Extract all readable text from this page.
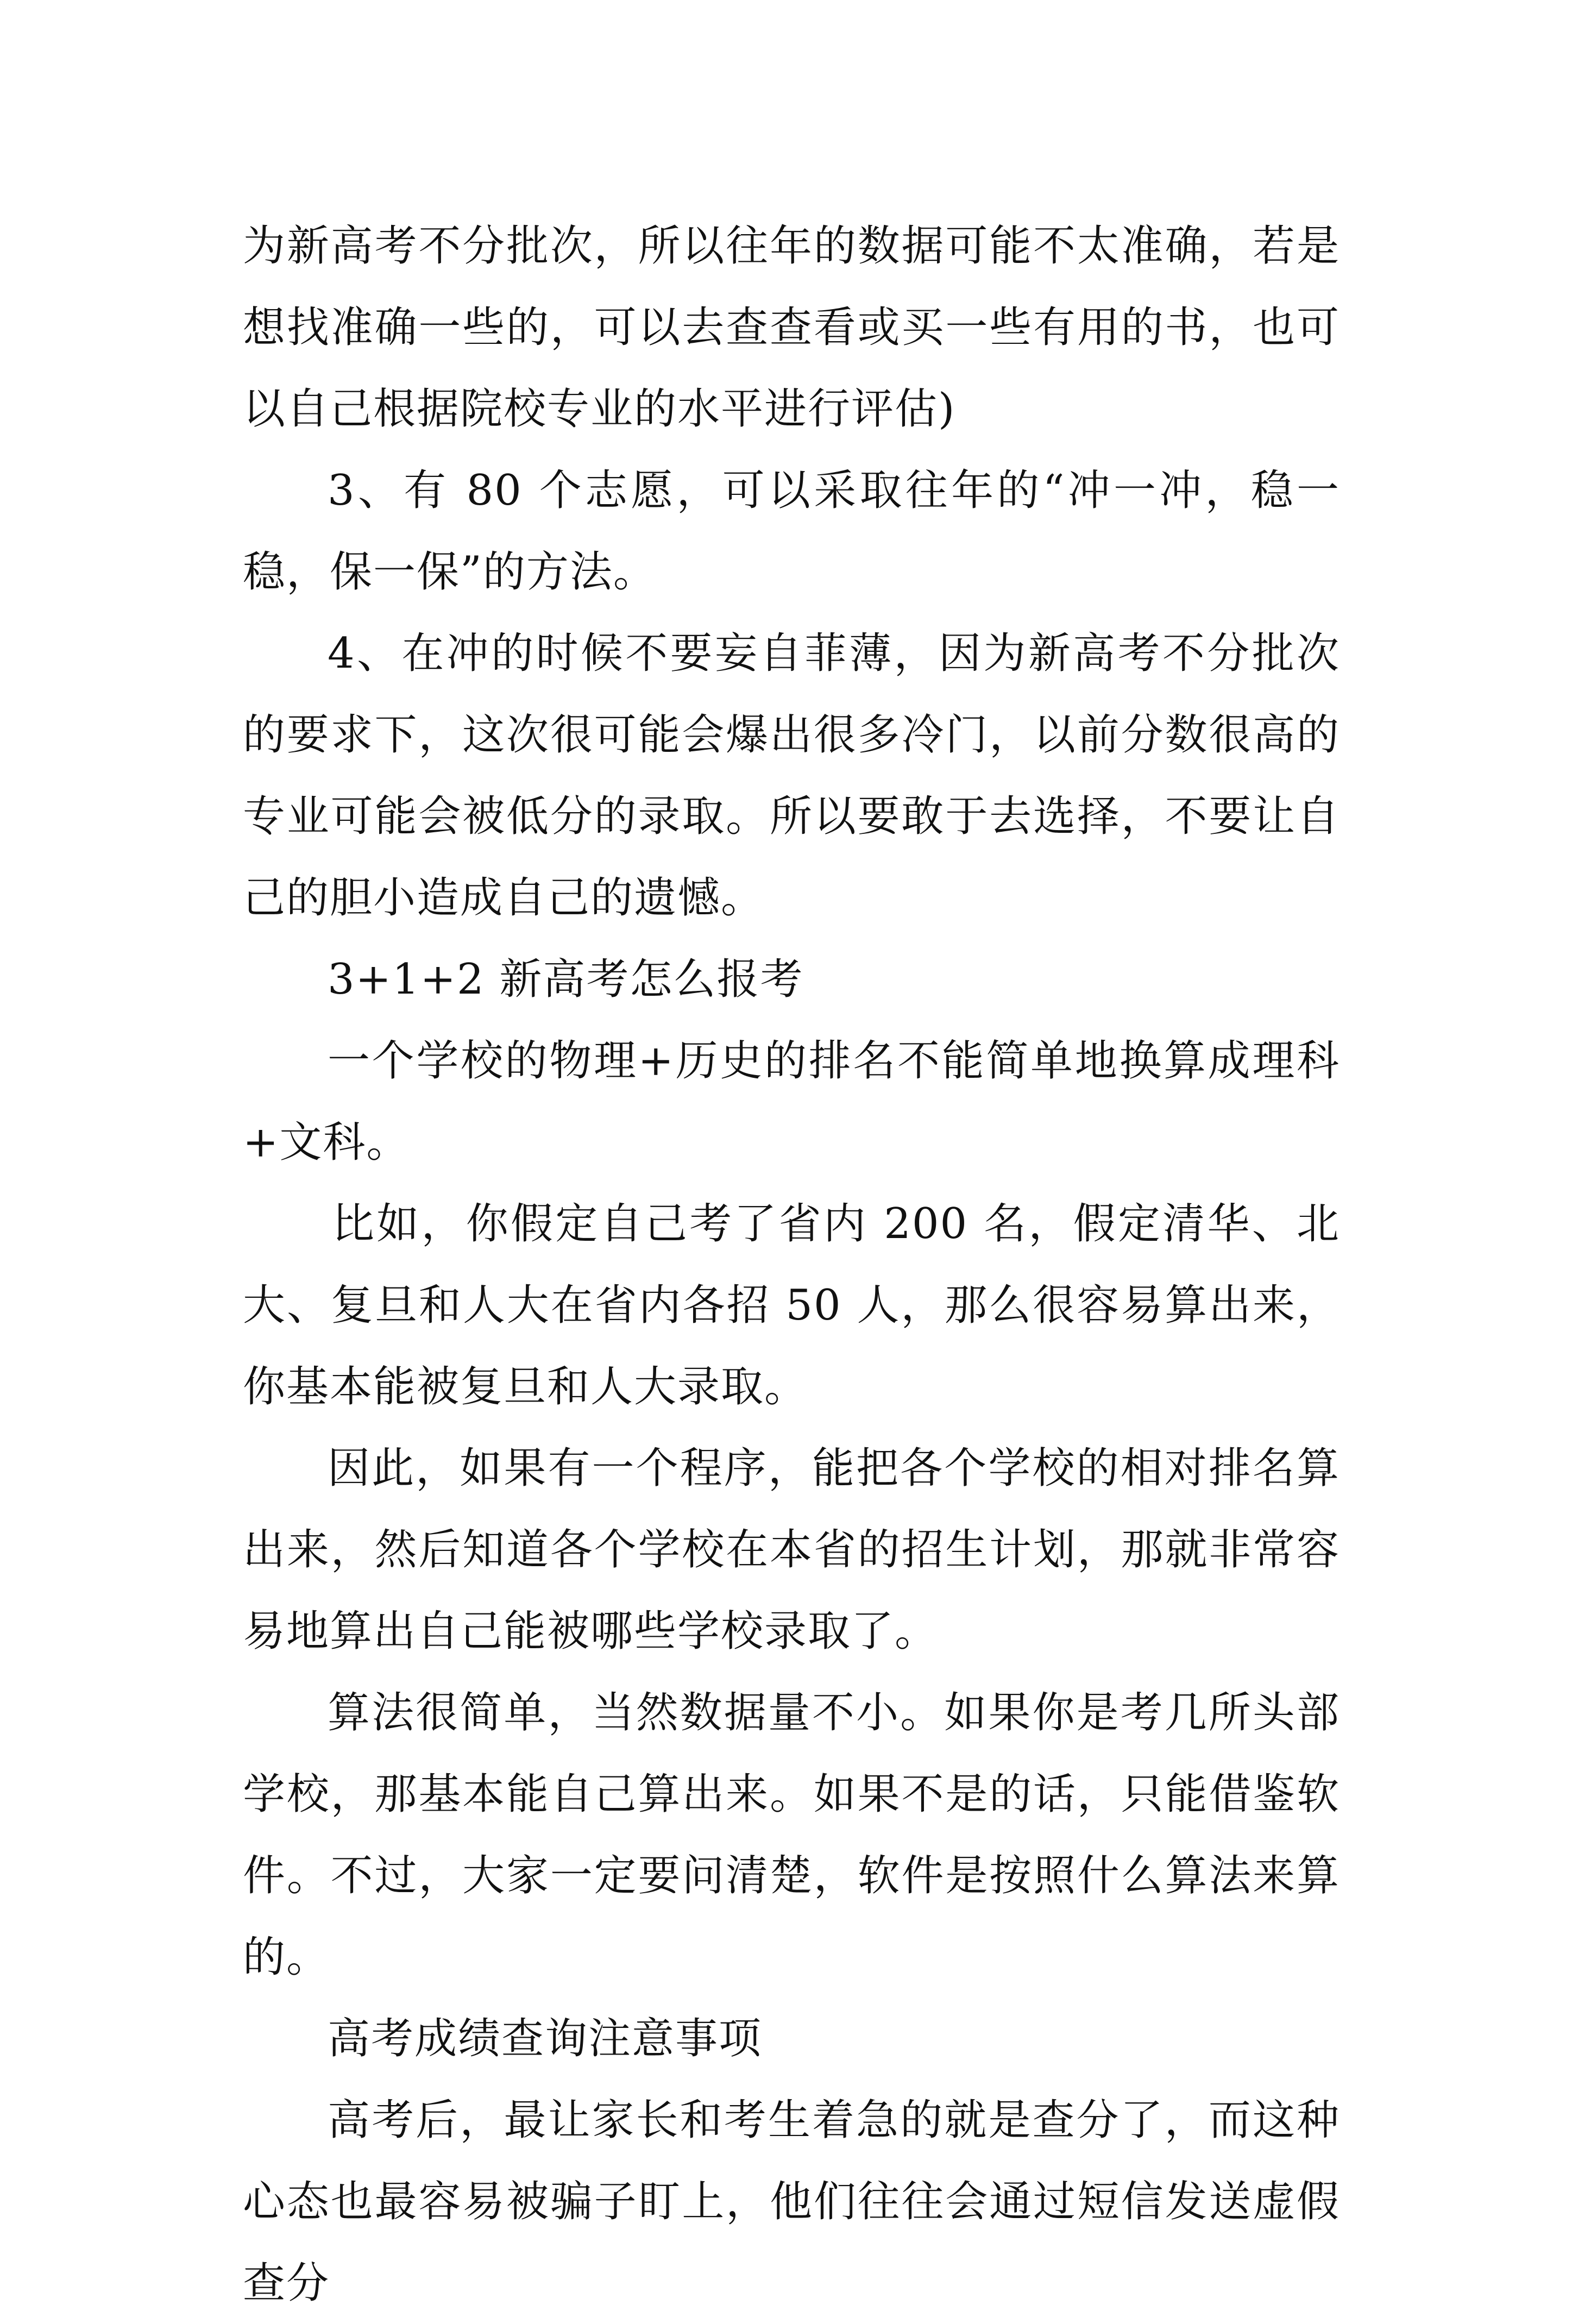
为新高考不分批次，所以往年的数据可能不太准确，若是想找准确一些的，可以去查查看或买一些有用的书，也可以自己根据院校专业的水平进行评估)

3、有 80 个志愿，可以采取往年的“冲一冲，稳一稳，保一保”的方法。

4、在冲的时候不要妄自菲薄，因为新高考不分批次的要求下，这次很可能会爆出很多冷门，以前分数很高的专业可能会被低分的录取。所以要敢于去选择，不要让自己的胆小造成自己的遗憾。

3+1+2 新高考怎么报考

一个学校的物理+历史的排名不能简单地换算成理科+文科。

比如，你假定自己考了省内 200 名，假定清华、北大、复旦和人大在省内各招 50 人，那么很容易算出来，你基本能被复旦和人大录取。

因此，如果有一个程序，能把各个学校的相对排名算出来，然后知道各个学校在本省的招生计划，那就非常容易地算出自己能被哪些学校录取了。

算法很简单，当然数据量不小。如果你是考几所头部学校，那基本能自己算出来。如果不是的话，只能借鉴软件。不过，大家一定要问清楚，软件是按照什么算法来算的。

高考成绩查询注意事项

高考后，最让家长和考生着急的就是查分了，而这种心态也最容易被骗子盯上，他们往往会通过短信发送虚假查分
